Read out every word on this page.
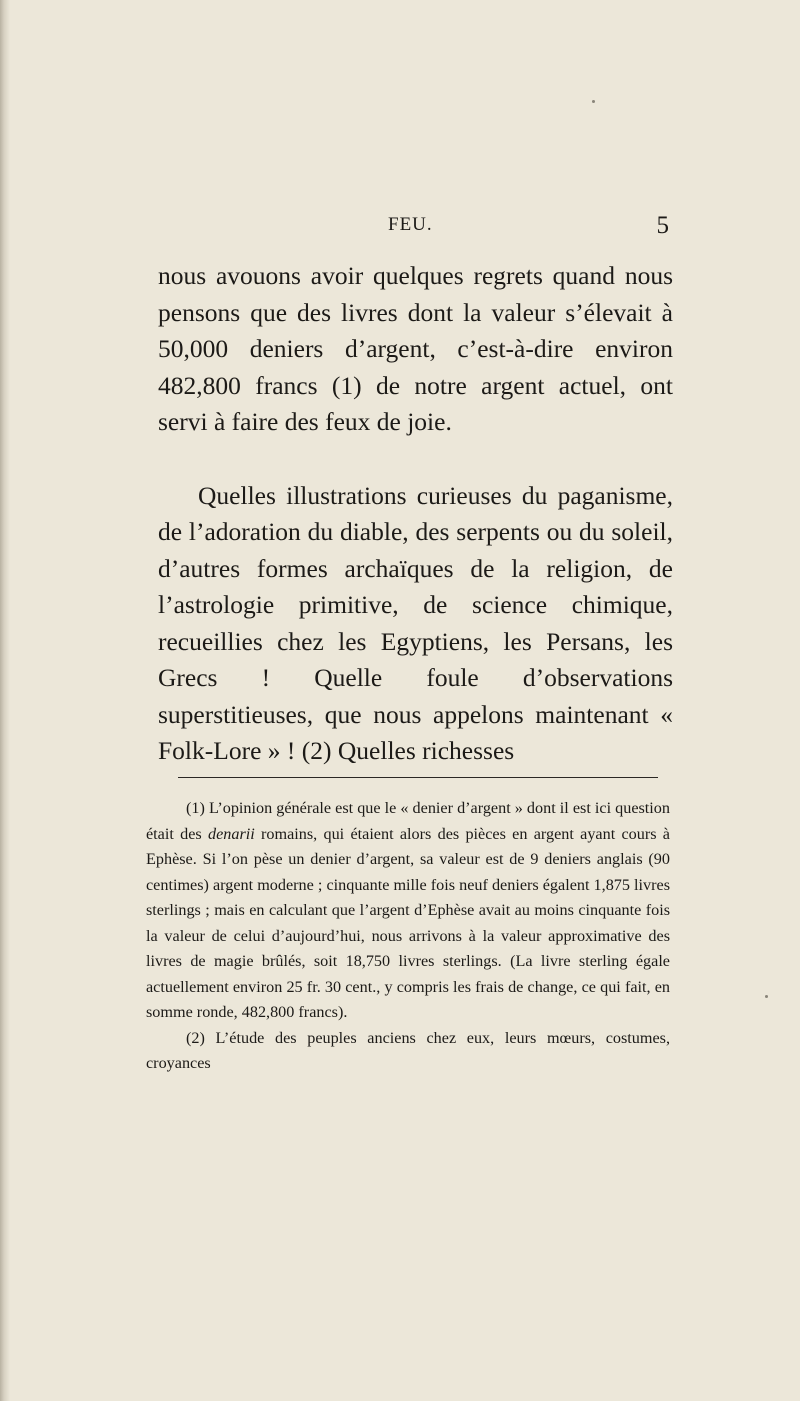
FEU.	5

nous avouons avoir quelques regrets quand nous pensons que des livres dont la valeur s’élevait à 50,000 deniers d’argent, c’est-à-dire environ 482,800 francs (1) de notre argent actuel, ont servi à faire des feux de joie.

Quelles illustrations curieuses du paganisme, de l’adoration du diable, des serpents ou du soleil, d’autres formes archaïques de la religion, de l’astrologie primitive, de science chimique, recueillies chez les Egyptiens, les Persans, les Grecs ! Quelle foule d’observations superstitieuses, que nous appelons maintenant « Folk-Lore » ! (2) Quelles richesses

(1) L’opinion générale est que le « denier d’argent » dont il est ici question était des denarii romains, qui étaient alors des pièces en argent ayant cours à Ephèse. Si l’on pèse un denier d’argent, sa valeur est de 9 deniers anglais (90 centimes) argent moderne ; cinquante mille fois neuf deniers égalent 1,875 livres sterlings ; mais en calculant que l’argent d’Ephèse avait au moins cinquante fois la valeur de celui d’aujourd’hui, nous arrivons à la valeur approximative des livres de magie brûlés, soit 18,750 livres sterlings. (La livre sterling égale actuellement environ 25 fr. 30 cent., y compris les frais de change, ce qui fait, en somme ronde, 482,800 francs).

(2) L’étude des peuples anciens chez eux, leurs mœurs, costumes, croyances
